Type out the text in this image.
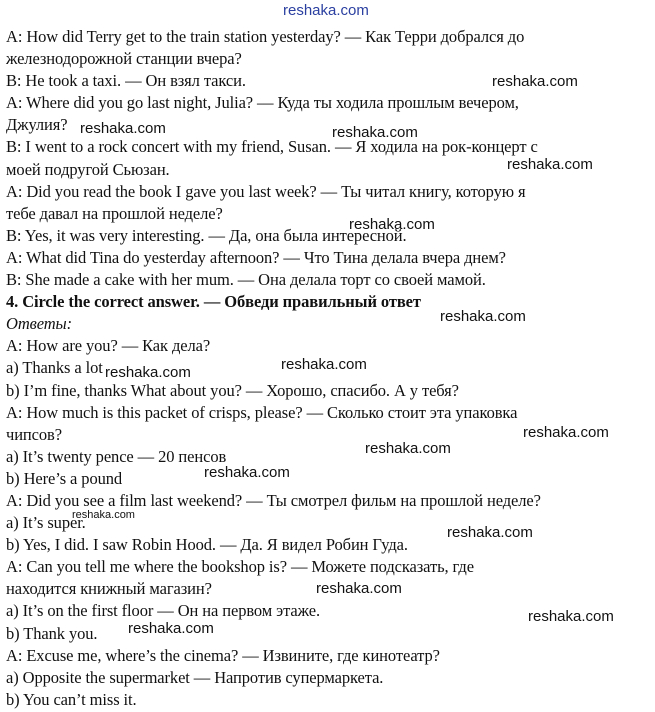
reshaka.com
reshaka.com
reshaka.com	reshaka.com
reshaka.com
reshaka.com
reshaka.com
reshaka.com
reshaka.com
reshaka.com
reshaka.com
reshaka.com
reshaka.com
reshaka.com
reshaka.com
reshaka.com
reshaka.com
A: How did Terry get to the train station yesterday? — Как Терри добрался до
железнодорожной станции вчера?
B: He took a taxi. — Он взял такси.
A: Where did you go last night, Julia? — Куда ты ходила прошлым вечером,
Джулия?
B: I went to a rock concert with my friend, Susan. — Я ходила на рок-концерт с
моей подругой Сьюзан.
A: Did you read the book I gave you last week? — Ты читал книгу, которую я
тебе давал на прошлой неделе?
B: Yes, it was very interesting. — Да, она была интересной.
A: What did Tina do yesterday afternoon? — Что Тина делала вчера днем?
B: She made a cake with her mum. — Она делала торт со своей мамой.
4. Circle the correct answer. — Обведи правильный ответ
Ответы:
A: How are you? — Как дела?
a) Thanks a lot
b) I’m fine, thanks What about you? — Хорошо, спасибо. А у тебя?
A: How much is this packet of crisps, please? — Сколько стоит эта упаковка
чипсов?
a) It’s twenty pence — 20 пенсов
b) Here’s a pound
A: Did you see a film last weekend? — Ты смотрел фильм на прошлой неделе?
a) It’s super.
b) Yes, I did. I saw Robin Hood. — Да. Я видел Робин Гуда.
A: Can you tell me where the bookshop is? — Можете подсказать, где
находится книжный магазин?
a) It’s on the first floor — Он на первом этаже.
b) Thank you.
A: Excuse me, where’s the cinema? — Извините, где кинотеатр?
a) Opposite the supermarket — Напротив супермаркета.
b) You can’t miss it.
